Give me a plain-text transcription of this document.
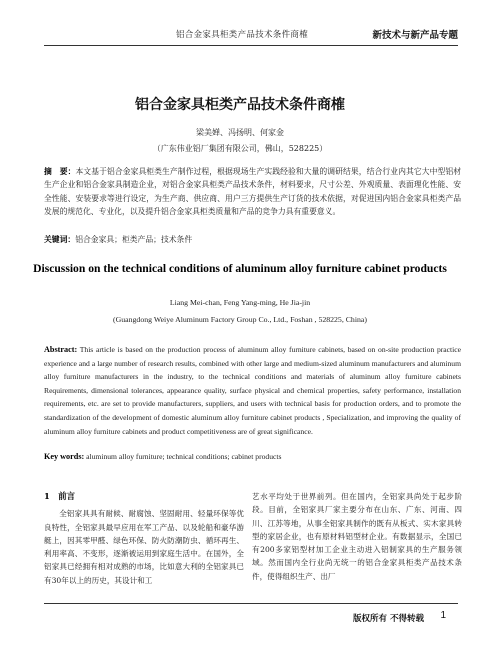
铝合金家具柜类产品技术条件商榷	新技术与新产品专题
铝合金家具柜类产品技术条件商榷
梁美婵、冯扬明、何家金
（广东伟业铝厂集团有限公司，佛山，528225）
摘　要：本文基于铝合金家具柜类生产制作过程，根据现场生产实践经验和大量的调研结果，结合行业内其它大中型铝材生产企业和铝合金家具制造企业，对铝合金家具柜类产品技术条件，材料要求，尺寸公差、外观质量、表面理化性能、安全性能、安装要求等进行设定，为生产商、供应商、用户三方提供生产订货的技术依据，对促进国内铝合金家具柜类产品发展的规范化、专业化，以及提升铝合金家具柜类质量和产品的竞争力具有重要意义。
关键词：铝合金家具；柜类产品；技术条件
Discussion on the technical conditions of aluminum alloy furniture cabinet products
Liang Mei-chan, Feng Yang-ming, He Jia-jin
(Guangdong Weiye Aluminum Factory Group Co., Ltd., Foshan , 528225, China)
Abstract: This article is based on the production process of aluminum alloy furniture cabinets, based on on-site production practice experience and a large number of research results, combined with other large and medium-sized aluminum manufacturers and aluminum alloy furniture manufacturers in the industry, to the technical conditions and materials of aluminum alloy furniture cabinets Requirements, dimensional tolerances, appearance quality, surface physical and chemical properties, safety performance, installation requirements, etc. are set to provide manufacturers, suppliers, and users with technical basis for production orders, and to promote the standardization of the development of domestic aluminum alloy furniture cabinet products , Specialization, and improving the quality of aluminum alloy furniture cabinets and product competitiveness are of great significance.
Key words: aluminum alloy furniture; technical conditions; cabinet products
1　前言

全铝家具具有耐候、耐腐蚀、坚固耐用、轻量环保等优良特性，全铝家具最早应用在军工产品、以及轮船和豪华游艇上，因其零甲醛、绿色环保、防火防潮防虫、循环再生、利用率高、不变形，逐渐被运用到家庭生活中。在国外，全铝家具已经拥有相对成熟的市场，比如意大利的全铝家具已有30年以上的历史，其设计和工

艺水平均处于世界前列。但在国内，全铝家具尚处于起步阶段。目前，全铝家具厂家主要分布在山东、广东、河南、四川、江苏等地，从事全铝家具制作的既有从板式、实木家具转型的家居企业，也有原材料铝型材企业。有数据显示，全国已有200多家铝型材加工企业主动进入铝制家具的生产服务领域。然而国内全行业尚无统一的铝合金家具柜类产品技术条件，使得组织生产、出厂

版权所有 不得转载 1
